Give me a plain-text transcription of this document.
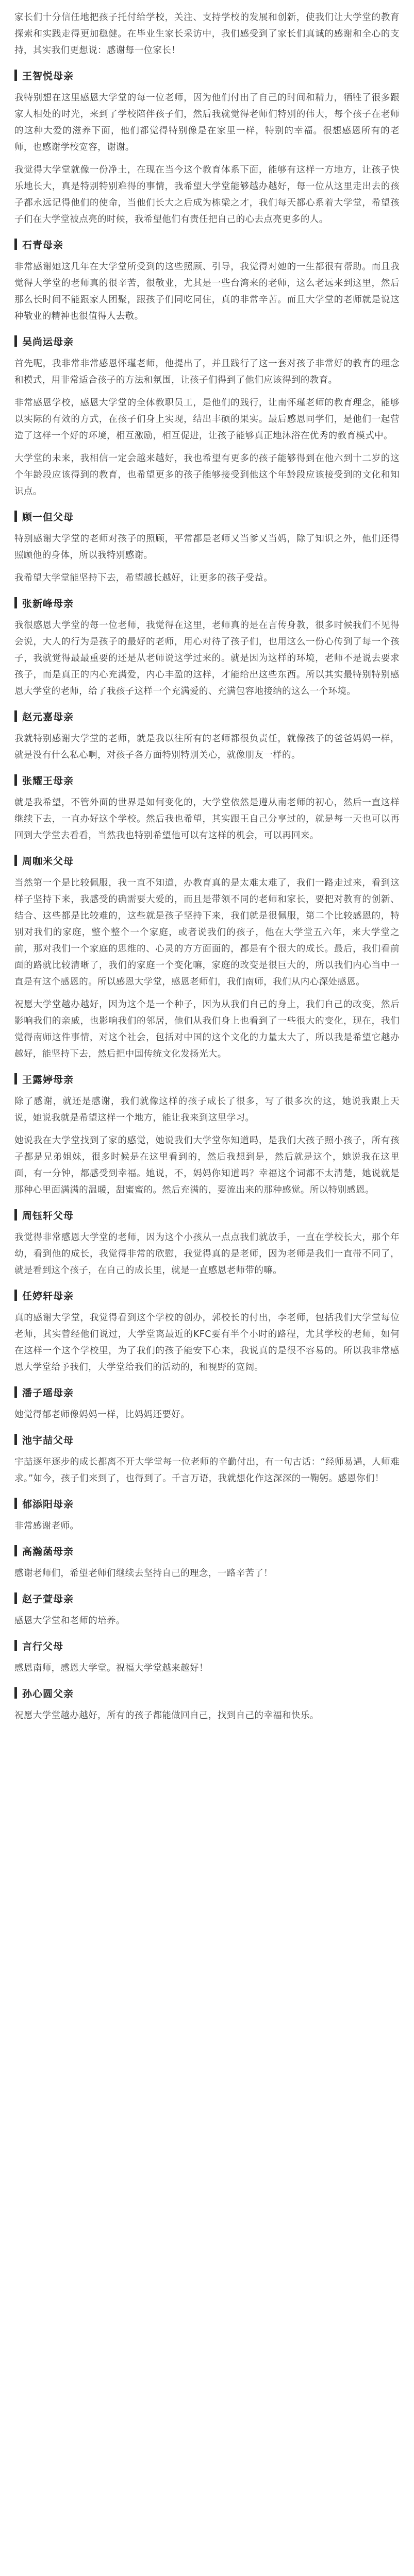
家长们十分信任地把孩子托付给学校，关注、支持学校的发展和创新，使我们让大学堂的教育探索和实践走得更加稳健。在毕业生家长采访中，我们感受到了家长们真诚的感谢和全心的支持，其实我们更想说：感谢每一位家长！

王智悦母亲

我特别想在这里感恩大学堂的每一位老师，因为他们付出了自己的时间和精力，牺牲了很多跟家人相处的时光，来到了学校陪伴孩子们，然后我就觉得老师们特别的伟大，每个孩子在老师的这种大爱的滋养下面，他们都觉得特别像是在家里一样，特别的幸福。很想感恩所有的老师，也感谢学校宽容，谢谢。

我觉得大学堂就像一份净土，在现在当今这个教育体系下面，能够有这样一方地方，让孩子快乐地长大，真是特别特别难得的事情，我希望大学堂能够越办越好，每一位从这里走出去的孩子都永远记得他们的使命，当他们长大之后成为栋梁之才，我们每天都心系着大学堂，希望孩子们在大学堂被点亮的时候，我希望他们有责任把自己的心去点亮更多的人。

石青母亲

非常感谢她这几年在大学堂所受到的这些照顾、引导，我觉得对她的一生都很有帮助。而且我觉得大学堂的老师真的很辛苦，很敬业，尤其是一些台湾来的老师，这么老远来到这里，然后那么长时间不能跟家人团聚，跟孩子们同吃同住，真的非常辛苦。而且大学堂的老师就是说这种敬业的精神也很值得人去敬。

吴尚运母亲

首先呢，我非常非常感恩怀瑾老师，他提出了，并且践行了这一套对孩子非常好的教育的理念和模式，用非常适合孩子的方法和氛围，让孩子们得到了他们应该得到的教育。

非常感恩学校，感恩大学堂的全体教职员工，是他们的践行，让南怀瑾老师的教育理念，能够以实际的有效的方式，在孩子们身上实现，结出丰硕的果实。最后感恩同学们，是他们一起营造了这样一个好的环境，相互激励，相互促进，让孩子能够真正地沐浴在优秀的教育模式中。

大学堂的未来，我相信一定会越来越好，我也希望有更多的孩子能够得到在他六到十二岁的这个年龄段应该得到的教育，也希望更多的孩子能够接受到他这个年龄段应该接受到的文化和知识点。

顾一但父母

特别感谢大学堂的老师对孩子的照顾，平常都是老师又当爹又当妈，除了知识之外，他们还得照顾他的身体，所以我特别感谢。

我希望大学堂能坚持下去，希望越长越好，让更多的孩子受益。

张新峰母亲

我很感恩大学堂的每一位老师，我觉得在这里，老师真的是在言传身教，很多时候我们不见得会说，大人的行为是孩子的最好的老师，用心对待了孩子们，也用这么一份心传到了每一个孩子，我就觉得最最重要的还是从老师说这学过来的。就是因为这样的环境，老师不是说去要求孩子，而是真正的内心充满爱，内心丰盈的这样，才能给出这些东西。所以其实最特别特别感恩大学堂的老师，给了我孩子这样一个充满爱的、充满包容地接纳的这么一个环境。

赵元嘉母亲

我就特别感谢大学堂的老师，就是我以往所有的老师都很负责任，就像孩子的爸爸妈妈一样，就是没有什么私心啊，对孩子各方面特别特别关心，就像朋友一样的。

张耀王母亲

就是我希望，不管外面的世界是如何变化的，大学堂依然是遵从南老师的初心，然后一直这样继续下去，一直办好这个学校。然后我也希望，其实跟王自己分享过的，就是每一天也可以再回到大学堂去看看，当然我也特别希望他可以有这样的机会，可以再回来。

周咖米父母

当然第一个是比较佩服，我一直不知道，办教育真的是太难太难了，我们一路走过来，看到这样子坚持下来，我感受的确需要大爱的，而且是带领不同的老师和家长，要把对教育的创新、结合、这些都是比较难的，这些就是孩子坚持下来，我们就是很佩服，第二个比较感恩的，特别对我们的家庭，整个整个一个家庭，或者说我们的孩子，他在大学堂五六年，来大学堂之前，那对我们一个家庭的思维的、心灵的方方面面的，都是有个很大的成长。最后，我们看前面的路就比较清晰了，我们的家庭一个变化嘛，家庭的改变是很巨大的，所以我们内心当中一直是有这个感恩的。所以感恩大学堂，感恩老师们，我们南师，我们从内心深处感恩。

祝愿大学堂越办越好，因为这个是一个种子，因为从我们自己的身上，我们自己的改变，然后影响我们的亲戚，也影响我们的邻居，他们从我们身上也看到了一些很大的变化，现在，我们觉得南师这件事情，对这个社会，包括对中国的这个文化的力量太大了，所以我是希望它越办越好，能坚持下去，然后把中国传统文化发扬光大。

王露婷母亲

除了感谢，就还是感谢，我们就像这样的孩子成长了很多，写了很多次的这，她说我跟上天说，她说我就是希望这样一个地方，能让我来到这里学习。

她说我在大学堂找到了家的感觉，她说我们大学堂你知道吗，是我们大孩子照小孩子，所有孩子都是兄弟姐妹，很多时候是在这里看到的，然后我想到是，然后就是这个，她说我在这里面，有一分钟，都感受到幸福。她说，不，妈妈你知道吗？幸福这个词都不太清楚，她说就是那种心里面满满的温暖，甜蜜蜜的。然后充满的，要流出来的那种感觉。所以特别感恩。

周钰轩父母

我觉得非常感恩大学堂的老师，因为这个小孩从一点点我们就放手，一直在学校长大，那个年幼，看到他的成长，我觉得非常的欣慰，我觉得真的是老师，因为老师是我们一直带不同了，就是看到这个孩子，在自己的成长里，就是一直感恩老师带的嘛。

任婷轩母亲

真的感谢大学堂，我觉得看到这个学校的创办，郭校长的付出，李老师，包括我们大学堂每位老师，其实曾经他们说过，大学堂离最近的KFC要有半个小时的路程，尤其学校的老师，如何在这样一个这个学校里，为了我们的孩子能安下心来，我说真的是很不容易的。所以我非常感恩大学堂给予我们，大学堂给我们的活动的，和视野的宽阔。

潘子瑶母亲

她觉得郁老师像妈妈一样，比妈妈还要好。

池宇喆父母

宇喆逐年逐步的成长都离不开大学堂每一位老师的辛勤付出，有一句古话：“经师易遇，人师难求。”如今，孩子们来到了，也得到了。千言万语，我就想化作这深深的一鞠躬。感恩你们！

郁添阳母亲

非常感谢老师。

高瀚菡母亲

感谢老师们，希望老师们继续去坚持自己的理念，一路辛苦了！

赵子萱母亲

感恩大学堂和老师的培养。

言行父母

感恩南师，感恩大学堂。祝福大学堂越来越好！

孙心圆父亲

祝愿大学堂越办越好，所有的孩子都能做回自己，找到自己的幸福和快乐。
